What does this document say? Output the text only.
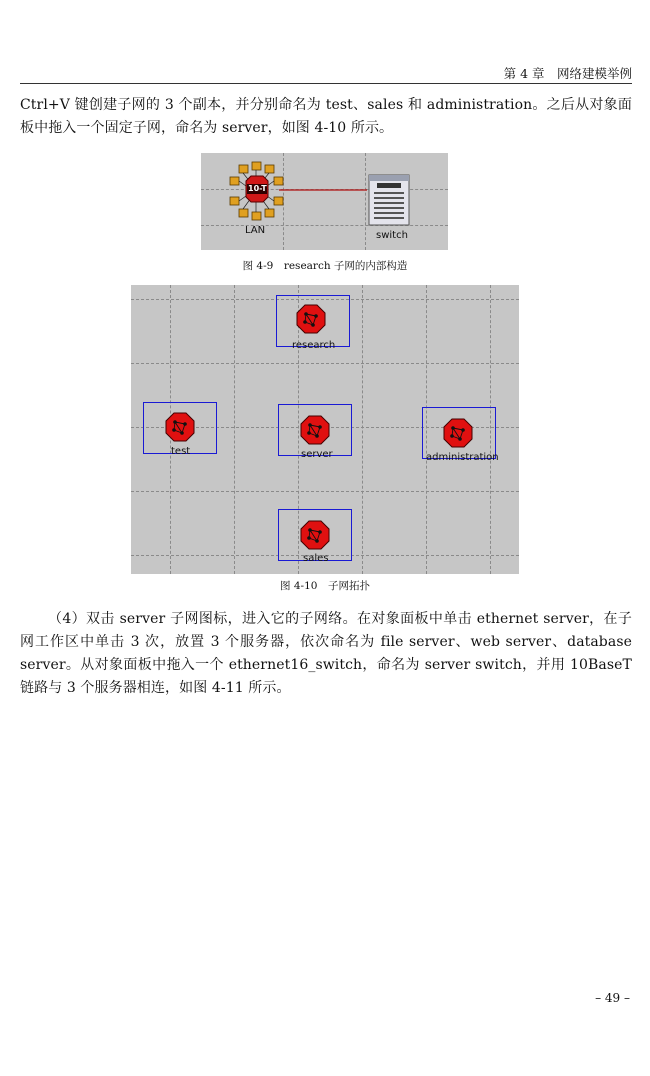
第 4 章　网络建模举例

Ctrl+V 键创建子网的 3 个副本，并分别命名为 test、sales 和 administration。之后从对象面板中拖入一个固定子网，命名为 server，如图 4-10 所示。

10-T
LAN	switch
图 4-9　research 子网的内部构造
research
test	server	administration
sales
图 4-10　子网拓扑

（4）双击 server 子网图标，进入它的子网络。在对象面板中单击 ethernet server，在子网工作区中单击 3 次，放置 3 个服务器，依次命名为 file server、web server、database server。从对象面板中拖入一个 ethernet16_switch，命名为 server switch，并用 10BaseT 链路与 3 个服务器相连，如图 4-11 所示。

– 49 –
